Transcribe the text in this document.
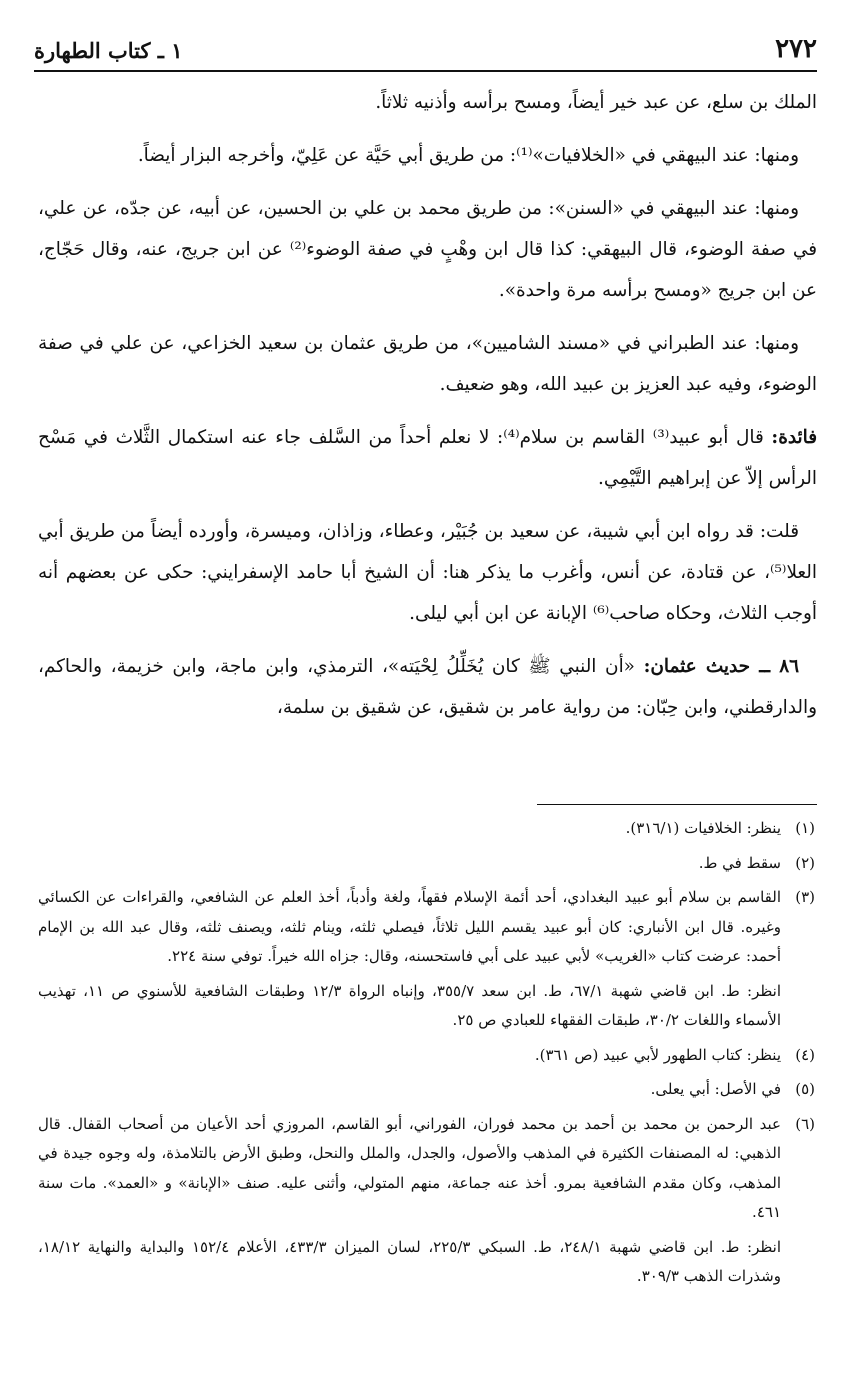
٢٧٢
١ ـ كتاب الطهارة

الملك بن سلع، عن عبد خير أيضاً، ومسح برأسه وأذنيه ثلاثاً.

ومنها: عند البيهقي في «الخلافيات»⁽¹⁾: من طريق أبي حَيَّة عن عَلِيّ، وأخرجه البزار أيضاً.

ومنها: عند البيهقي في «السنن»: من طريق محمد بن علي بن الحسين، عن أبيه، عن جدّه، عن علي، في صفة الوضوء، قال البيهقي: كذا قال ابن وهْبٍ في صفة الوضوء⁽²⁾ عن ابن جريج، عنه، وقال حَجّاج، عن ابن جريج «ومسح برأسه مرة واحدة».

ومنها: عند الطبراني في «مسند الشاميين»، من طريق عثمان بن سعيد الخزاعي، عن علي في صفة الوضوء، وفيه عبد العزيز بن عبيد الله، وهو ضعيف.

فائدة: قال أبو عبيد⁽³⁾ القاسم بن سلام⁽⁴⁾: لا نعلم أحداً من السَّلف جاء عنه استكمال الثَّلاث في مَسْح الرأس إلاّ عن إبراهيم التَّيْمِي.

قلت: قد رواه ابن أبي شيبة، عن سعيد بن جُبَيْر، وعطاء، وزاذان، وميسرة، وأورده أيضاً من طريق أبي العلا⁽⁵⁾، عن قتادة، عن أنس، وأغرب ما يذكر هنا: أن الشيخ أبا حامد الإسفرايني: حكى عن بعضهم أنه أوجب الثلاث، وحكاه صاحب⁽⁶⁾ الإبانة عن ابن أبي ليلى.

٨٦ ــ حديث عثمان: «أن النبي ﷺ كان يُخَلِّلُ لِحْيَته»، الترمذي، وابن ماجة، وابن خزيمة، والحاكم، والدارقطني، وابن حِبّان: من رواية عامر بن شقيق، عن شقيق بن سلمة،

(١)
ينظر: الخلافيات (٣١٦/١).
(٢)
سقط في ط.
(٣)
القاسم بن سلام أبو عبيد البغدادي، أحد أئمة الإسلام فقهاً، ولغة وأدباً، أخذ العلم عن الشافعي، والقراءات عن الكسائي وغيره. قال ابن الأنباري: كان أبو عبيد يقسم الليل ثلاثاً، فيصلي ثلثه، وينام ثلثه، ويصنف ثلثه، وقال عبد الله بن الإمام أحمد: عرضت كتاب «الغريب» لأبي عبيد على أبي فاستحسنه، وقال: جزاه الله خيراً. توفي سنة ٢٢٤.
انظر: ط. ابن قاضي شهبة ٦٧/١، ط. ابن سعد ٣٥٥/٧، وإنباه الرواة ١٢/٣ وطبقات الشافعية للأسنوي ص ١١، تهذيب الأسماء واللغات ٣٠/٢، طبقات الفقهاء للعبادي ص ٢٥.
(٤)
ينظر: كتاب الطهور لأبي عبيد (ص ٣٦١).
(٥)
في الأصل: أبي يعلى.
(٦)
عبد الرحمن بن محمد بن أحمد بن محمد فوران، الفوراني، أبو القاسم، المروزي أحد الأعيان من أصحاب القفال. قال الذهبي: له المصنفات الكثيرة في المذهب والأصول، والجدل، والملل والنحل، وطبق الأرض بالتلامذة، وله وجوه جيدة في المذهب، وكان مقدم الشافعية بمرو. أخذ عنه جماعة، منهم المتولي، وأثنى عليه. صنف «الإبانة» و «العمد». مات سنة ٤٦١.
انظر: ط. ابن قاضي شهبة ٢٤٨/١، ط. السبكي ٢٢٥/٣، لسان الميزان ٤٣٣/٣، الأعلام ١٥٢/٤ والبداية والنهاية ١٨/١٢، وشذرات الذهب ٣٠٩/٣.
